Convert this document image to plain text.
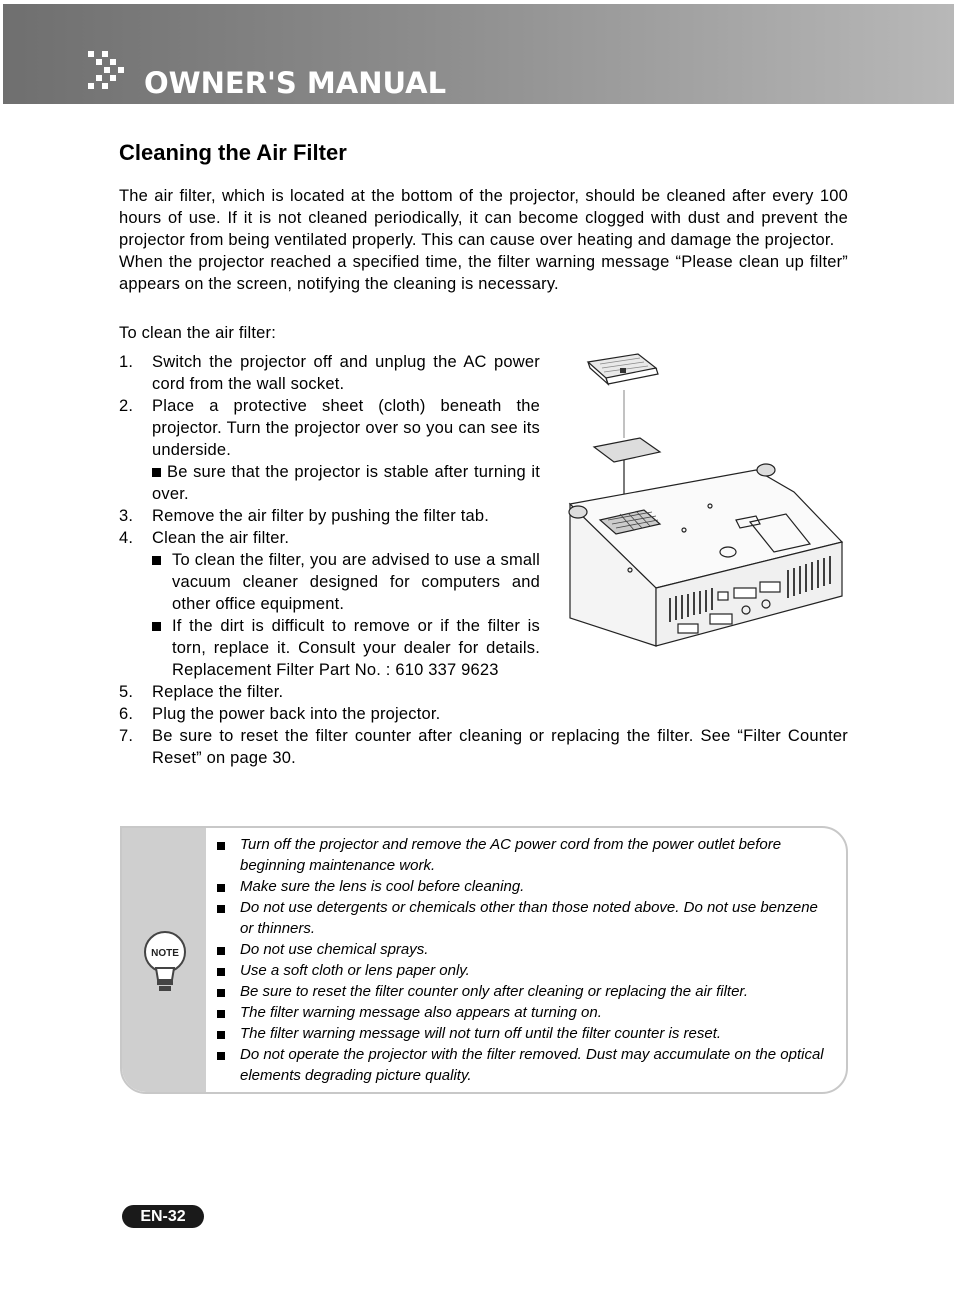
OWNER'S MANUAL
Cleaning the Air Filter

The air filter, which is located at the bottom of the projector, should be cleaned after every 100 hours of use. If it is not cleaned periodically, it can become clogged with dust and prevent the projector from being ventilated properly. This can cause over heating and damage the projector.

When the projector reached a specified time, the filter warning message “Please clean up filter” appears on the screen, notifying the cleaning is necessary.

To clean the air filter:

1. Switch the projector off and unplug the AC power cord from the wall socket.
2. Place a protective sheet (cloth) beneath the projector. Turn the projector over so you can see its underside.
Be sure that the projector is stable after turning it over.
3. Remove the air filter by pushing the filter tab.
4. Clean the air filter.
To clean the filter, you are advised to use a small vacuum cleaner designed for computers and other office equipment.
If the dirt is difficult to remove or if the filter is torn, replace it. Consult your dealer for details. Replacement Filter Part No. : 610 337 9623
5. Replace the filter.
6. Plug the power back into the projector.
7. Be sure to reset the filter counter after cleaning or replacing the filter. See “Filter Counter Reset” on page 30.
NOTE
Turn off the projector and remove the AC power cord from the power outlet before beginning maintenance work.
Make sure the lens is cool before cleaning.
Do not use detergents or chemicals other than those noted above. Do not use benzene or thinners.
Do not use chemical sprays.
Use a soft cloth or lens paper only.
Be sure to reset the filter counter only after cleaning or replacing the air filter.
The filter warning message also appears at turning on.
The filter warning message will not turn off until the filter counter is reset.
Do not operate the projector with the filter removed. Dust may accumulate on the optical elements degrading picture quality.
EN-32
